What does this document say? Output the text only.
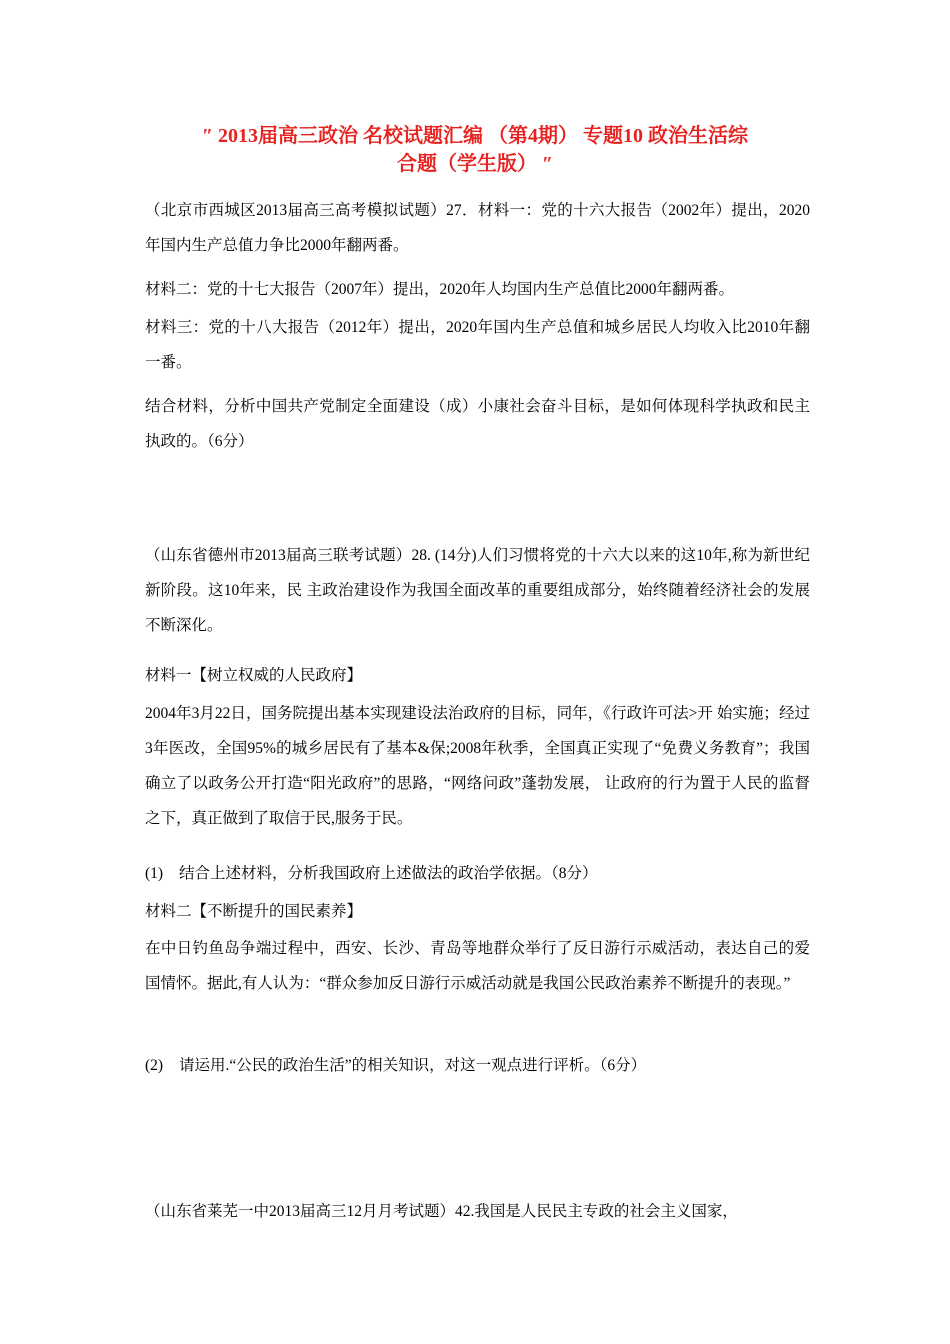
″ 2013届高三政治 名校试题汇编 （第4期） 专题10 政治生活综
合题（学生版） ″

（北京市西城区2013届高三高考模拟试题）27．材料一：党的十六大报告（2002年）提出，2020年国内生产总值力争比2000年翻两番。

材料二：党的十七大报告（2007年）提出，2020年人均国内生产总值比2000年翻两番。

材料三：党的十八大报告（2012年）提出，2020年国内生产总值和城乡居民人均收入比2010年翻一番。

结合材料，分析中国共产党制定全面建设（成）小康社会奋斗目标，是如何体现科学执政和民主执政的。（6分）

（山东省德州市2013届高三联考试题）28. (14分)人们习惯将党的十六大以来的这10年,称为新世纪新阶段。这10年来，民 主政治建设作为我国全面改革的重要组成部分，始终随着经济社会的发展不断深化。

材料一【树立权威的人民政府】

2004年3月22日，国务院提出基本实现建设法治政府的目标，同年，《行政许可法>开 始实施；经过3年医改，全国95%的城乡居民有了基本&保;2008年秋季，全国真正实现了“免费义务教育”；我国确立了以政务公开打造“阳光政府”的思路，“网络问政”蓬勃发展， 让政府的行为置于人民的监督之下，真正做到了取信于民,服务于民。

(1) 结合上述材料，分析我国政府上述做法的政治学依据。（8分）

材料二【不断提升的国民素养】

在中日钓鱼岛争端过程中，西安、长沙、青岛等地群众举行了反日游行示威活动，表达自己的爱国情怀。据此,有人认为：“群众参加反日游行示威活动就是我国公民政治素养不断提升的表现。”

(2) 请运用.“公民的政治生活”的相关知识，对这一观点进行评析。（6分）

（山东省莱芜一中2013届高三12月月考试题）42.我国是人民民主专政的社会主义国家，
